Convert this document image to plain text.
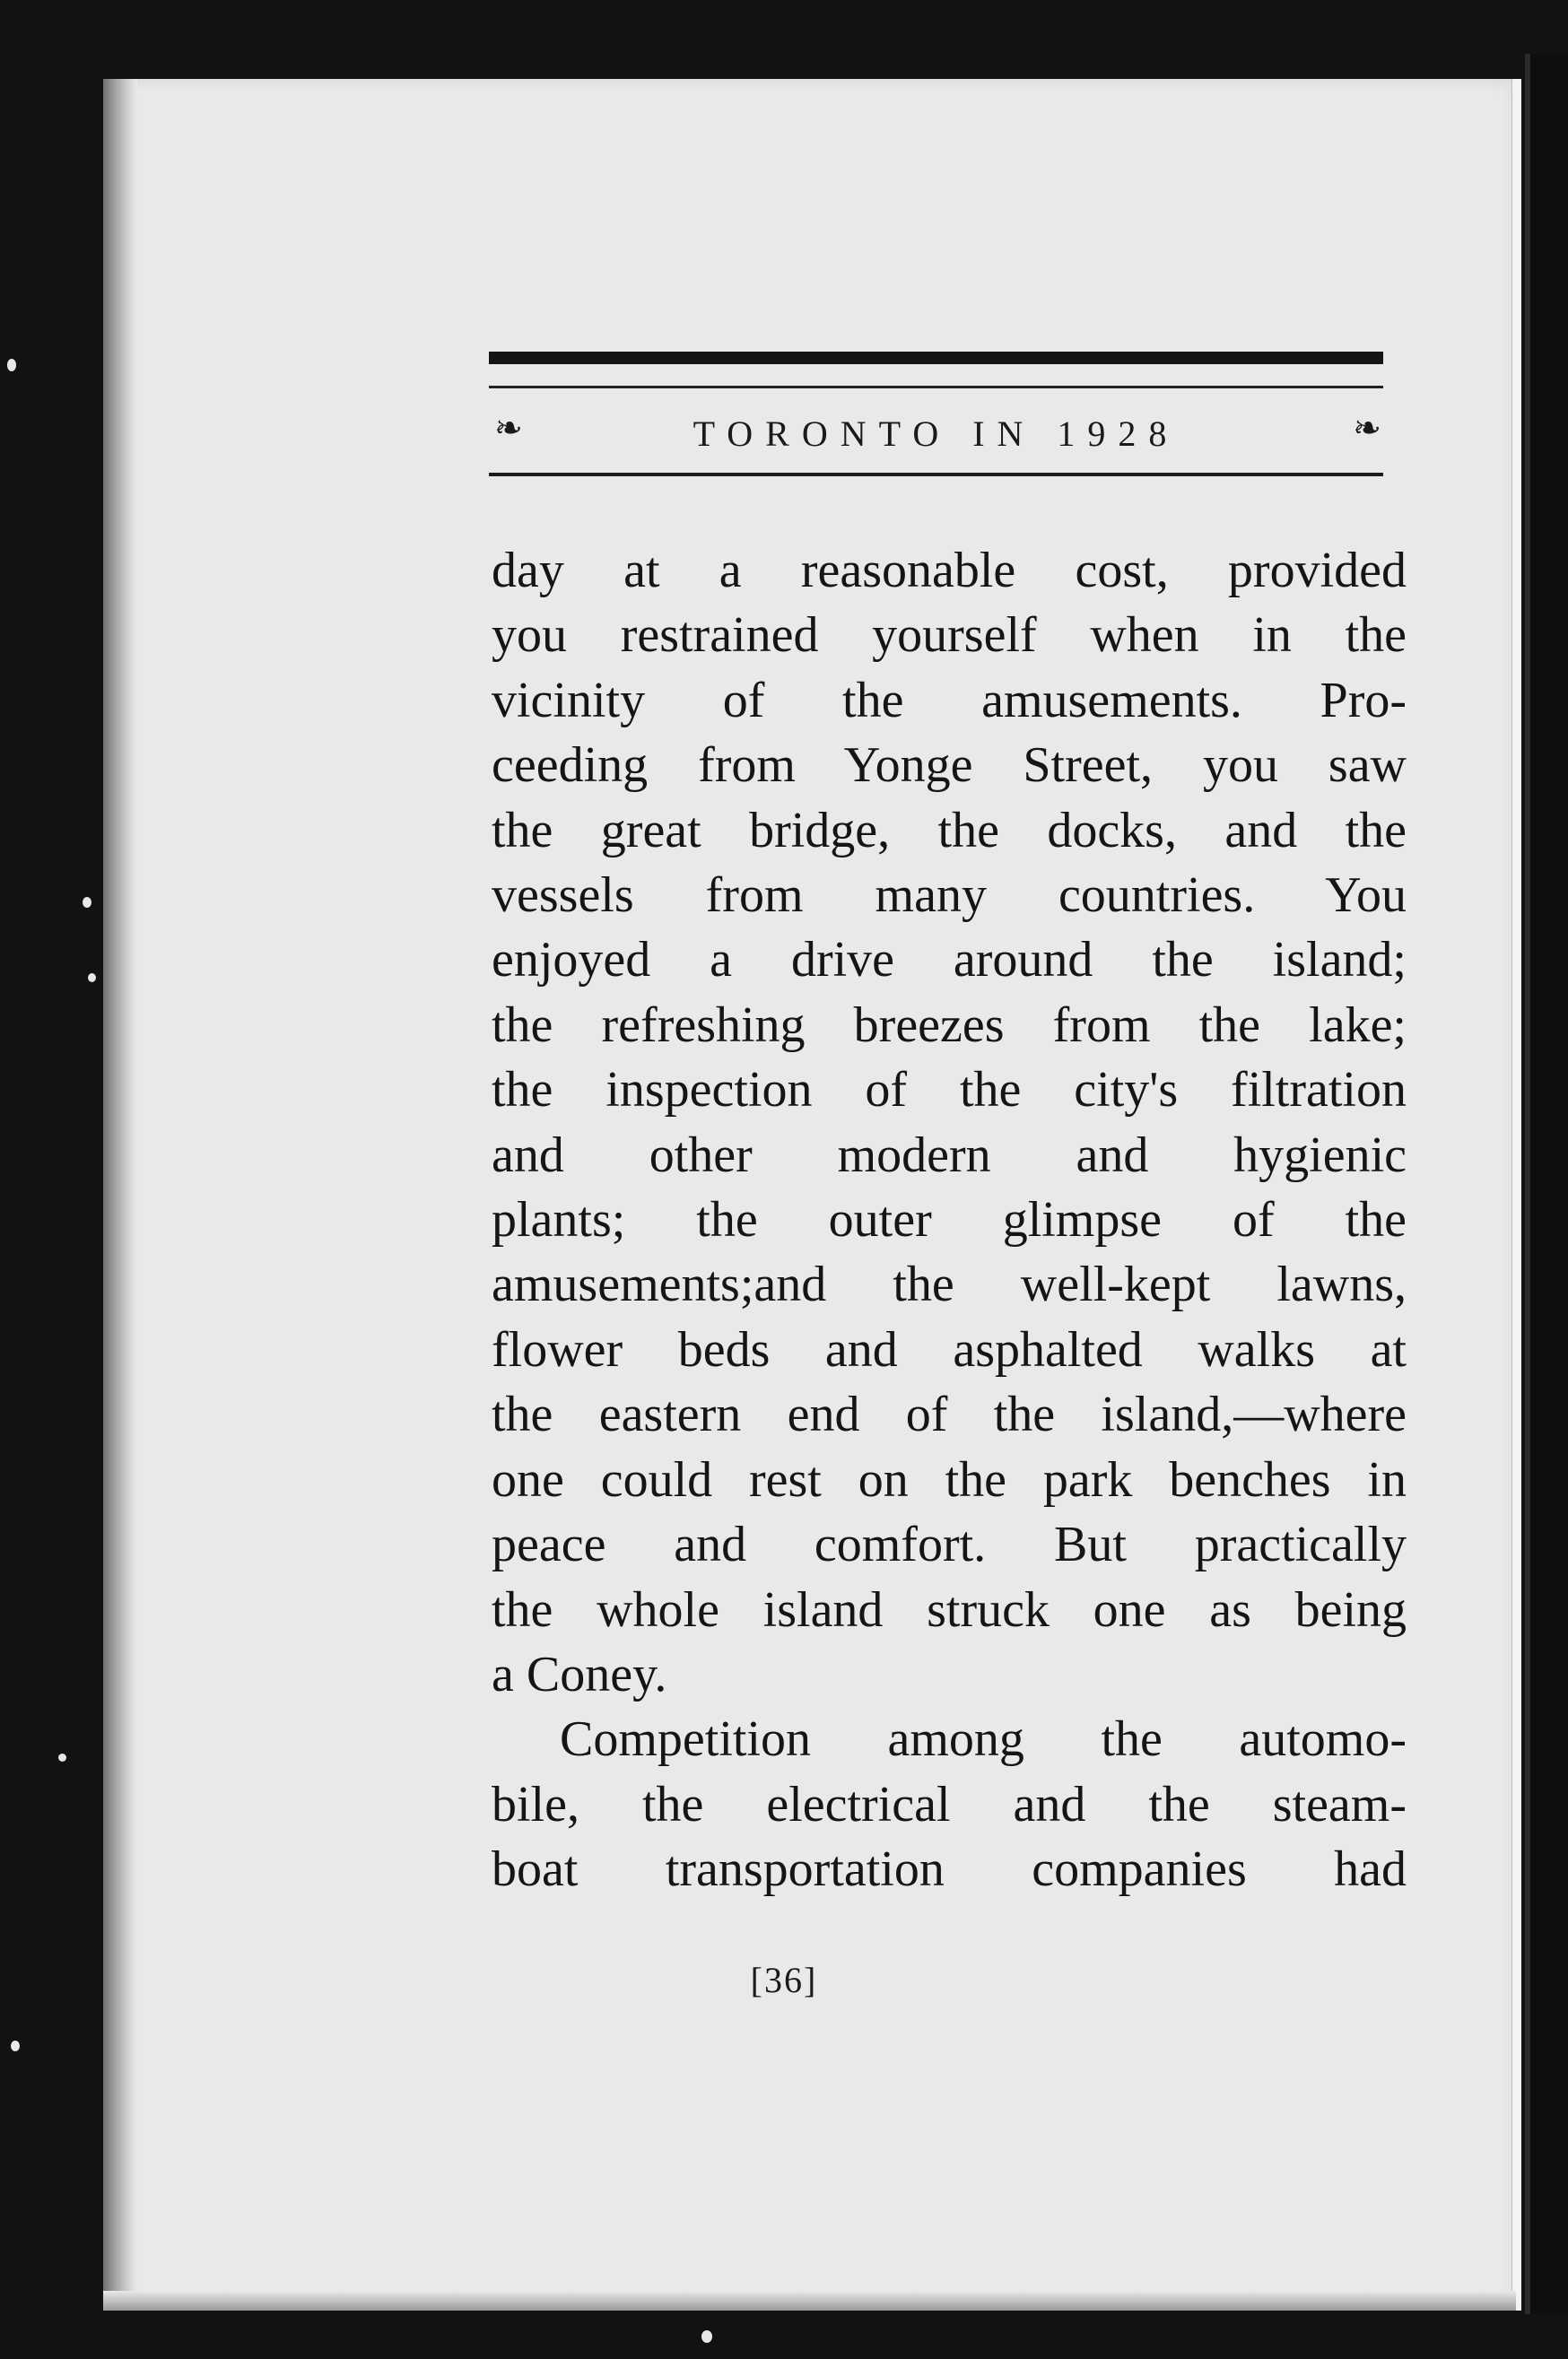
❧	TORONTO IN 1928	❧
day at a reasonable cost, provided
you restrained yourself when in the
vicinity of the amusements. Pro-
ceeding from Yonge Street, you saw
the great bridge, the docks, and the
vessels from many countries. You
enjoyed a drive around the island;
the refreshing breezes from the lake;
the inspection of the city's filtration
and other modern and hygienic
plants; the outer glimpse of the
amusements;and the well-kept lawns,
flower beds and asphalted walks at
the eastern end of the island,—where
one could rest on the park benches in
peace and comfort. But practically
the whole island struck one as being
a Coney.
Competition among the automo-
bile, the electrical and the steam-
boat transportation companies had
[36]
